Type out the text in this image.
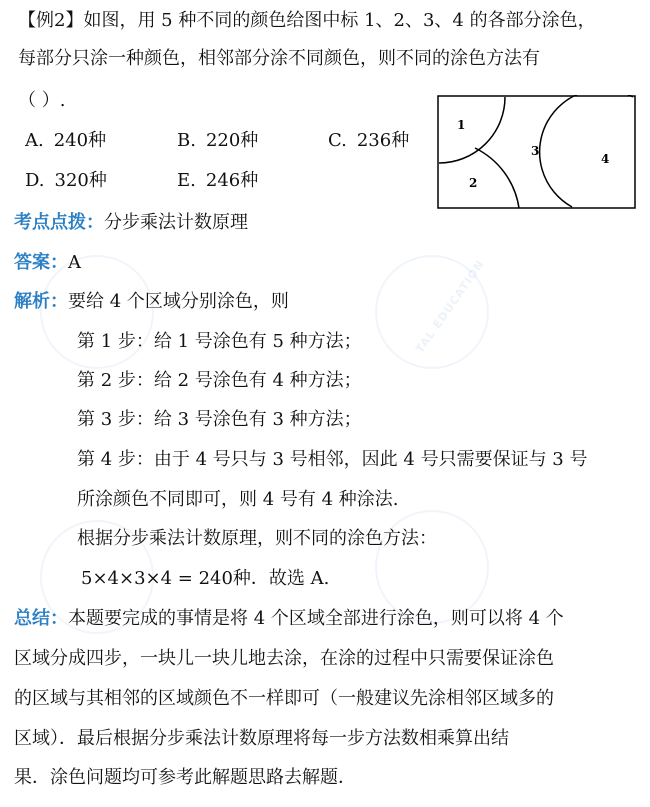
【例2】如图，用 5 种不同的颜色给图中标 1、2、3、4 的各部分涂色，
每部分只涂一种颜色，相邻部分涂不同颜色，则不同的涂色方法有
（ ）.
A. 240种	B. 220种	C. 236种
D. 320种	E. 246种
1
2
3
4
考点点拨：分步乘法计数原理
答案：A
解析：要给 4 个区域分别涂色，则
第 1 步：给 1 号涂色有 5 种方法；
第 2 步：给 2 号涂色有 4 种方法；
第 3 步：给 3 号涂色有 3 种方法；
第 4 步：由于 4 号只与 3 号相邻，因此 4 号只需要保证与 3 号
所涂颜色不同即可，则 4 号有 4 种涂法.
根据分步乘法计数原理，则不同的涂色方法：
5×4×3×4 = 240种．故选 A.
总结：本题要完成的事情是将 4 个区域全部进行涂色，则可以将 4 个
区域分成四步，一块儿一块儿地去涂，在涂的过程中只需要保证涂色
的区域与其相邻的区域颜色不一样即可（一般建议先涂相邻区域多的
区域）．最后根据分步乘法计数原理将每一步方法数相乘算出结
果．涂色问题均可参考此解题思路去解题．
TAL EDUCATION
